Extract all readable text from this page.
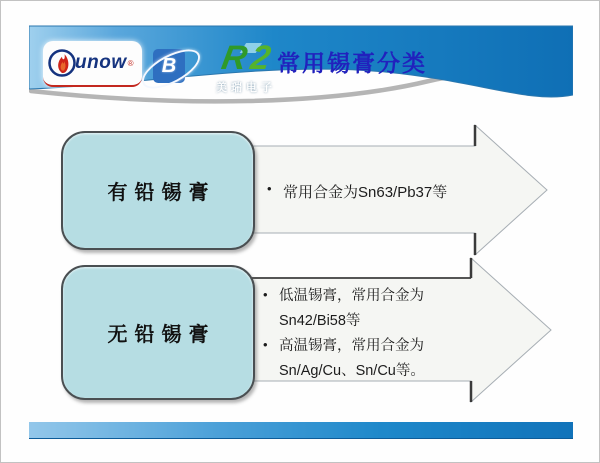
unow ®	B	R 2
美瑞电子
常用锡膏分类
有铅锡膏	• 常用合金为Sn63/Pb37等
无铅锡膏
• 低温锡膏，常用合金为Sn42/Bi58等
• 高温锡膏，常用合金为Sn/Ag/Cu、Sn/Cu等。
